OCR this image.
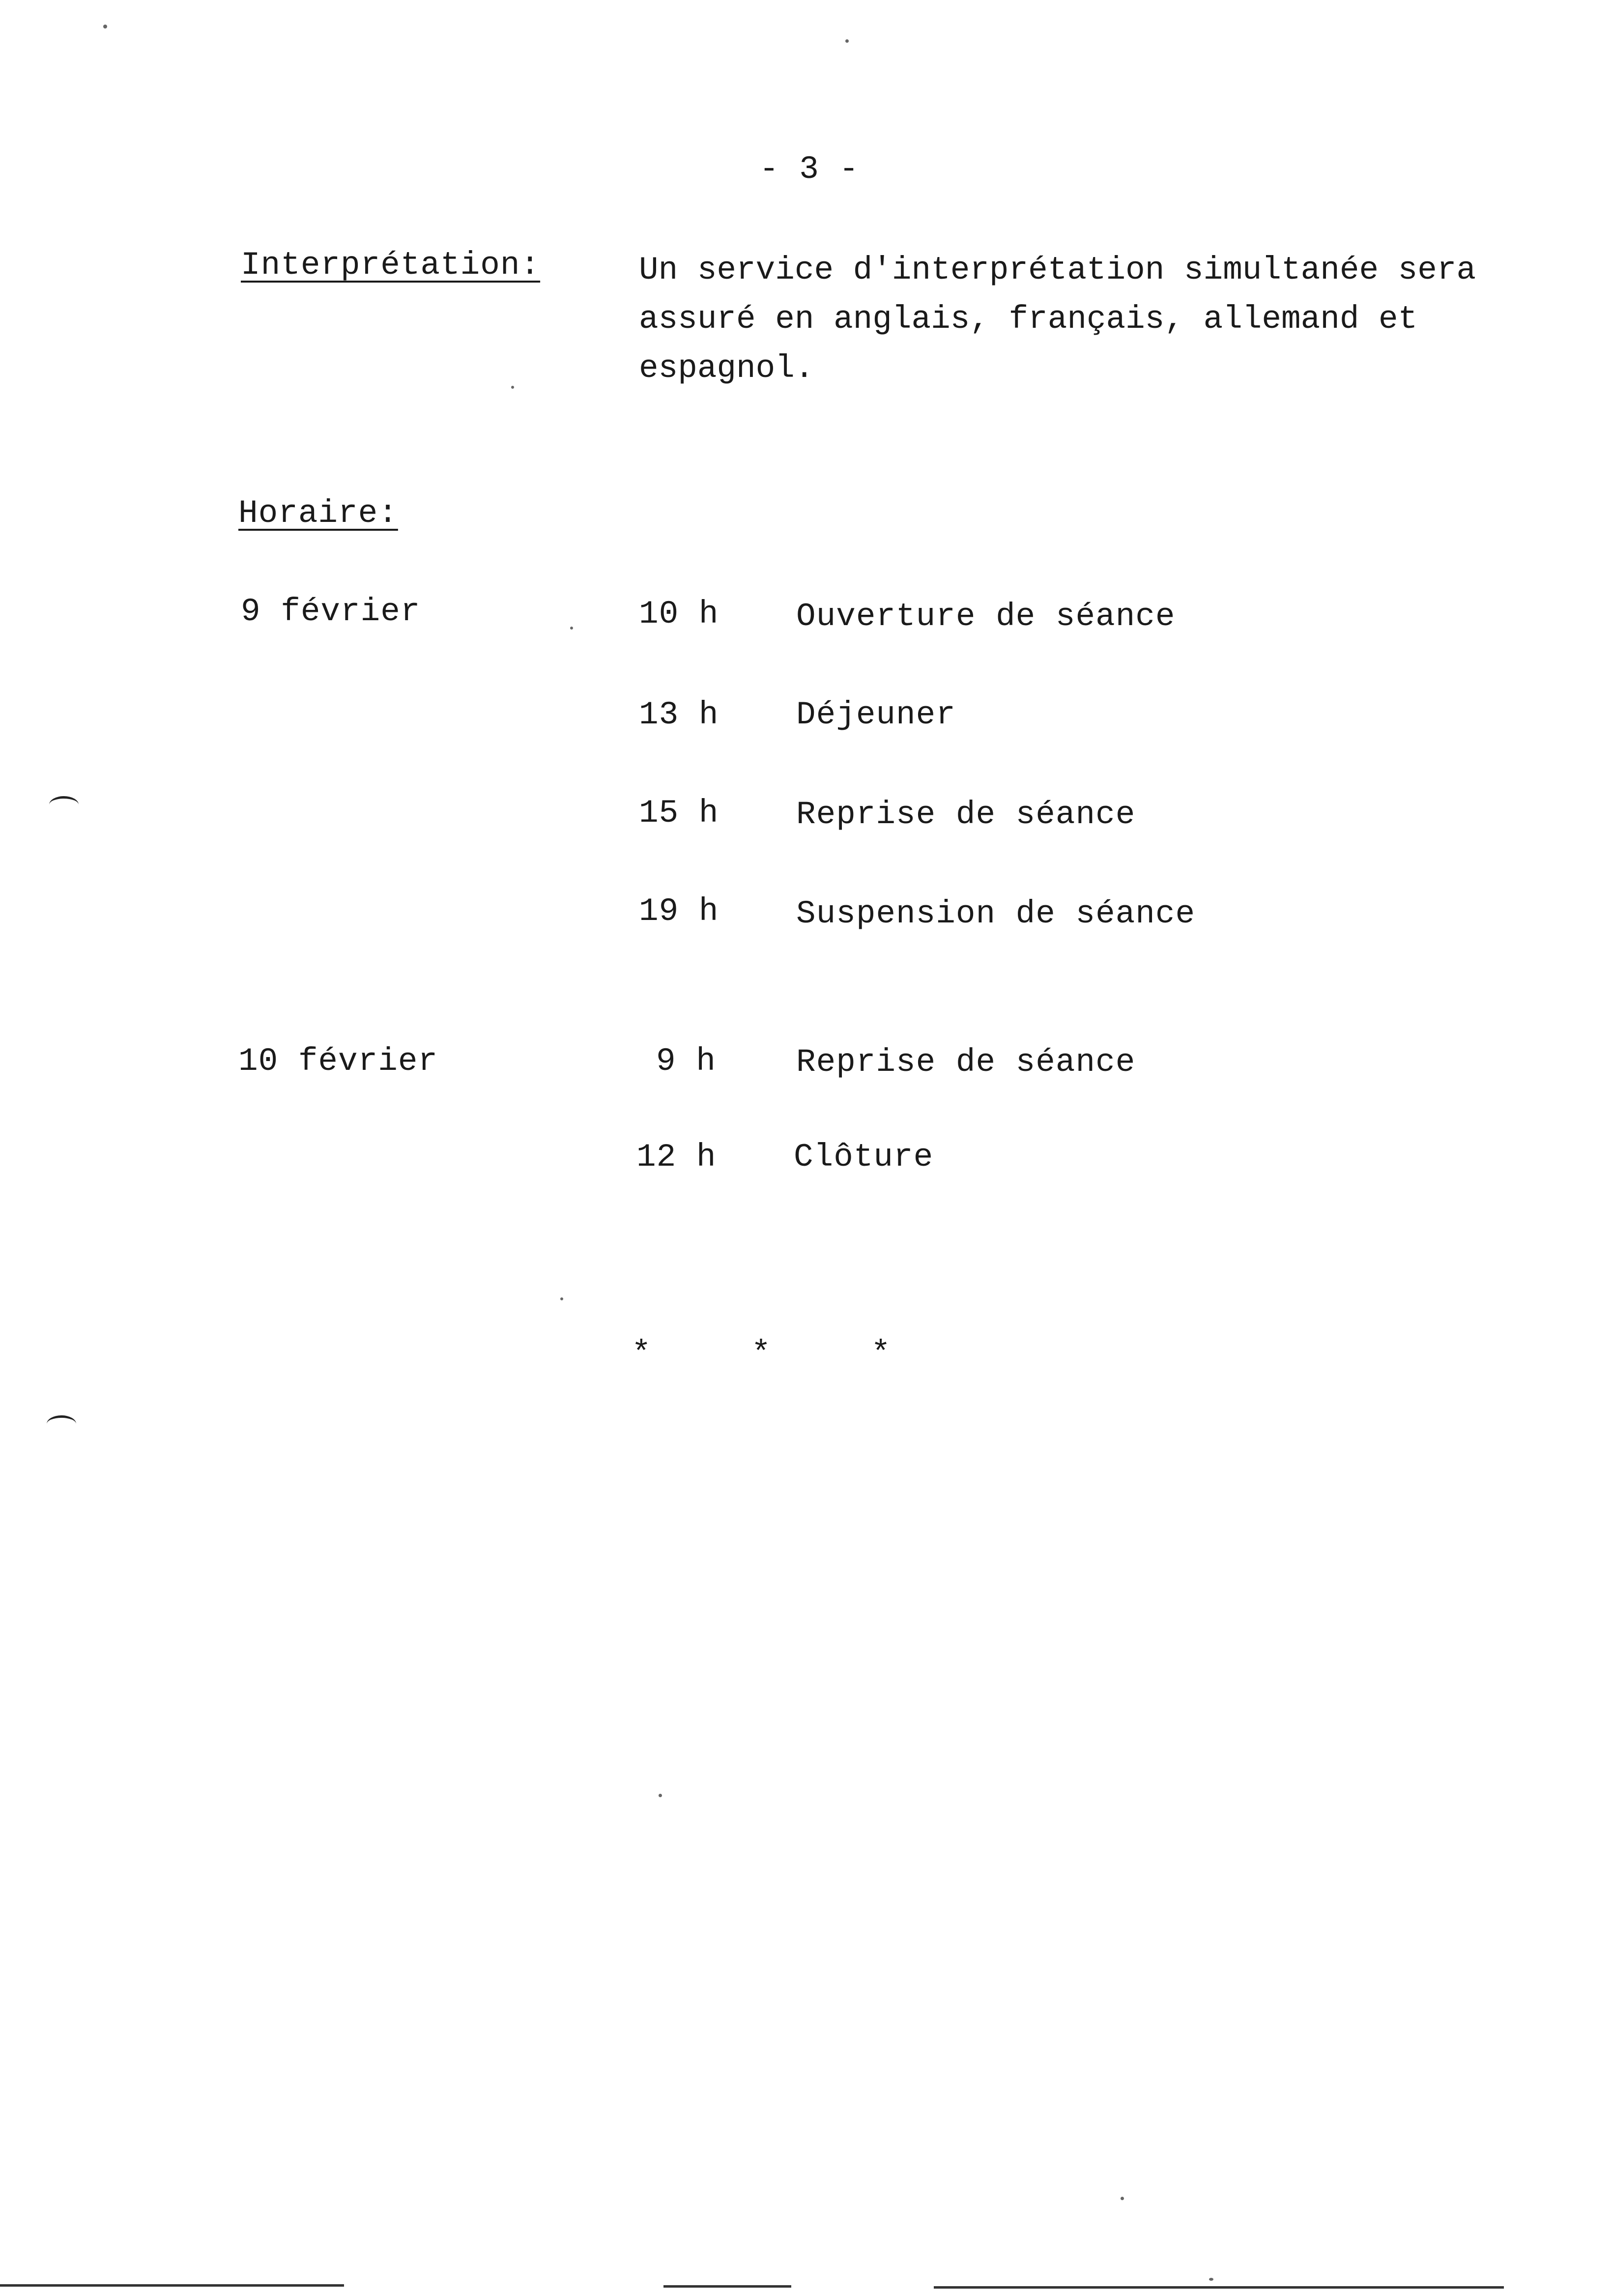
- 3 -
Interprétation:	Un service d'interprétation simultanée sera
assuré en anglais, français, allemand et
espagnol.
Horaire:
9 février	10 h Ouverture de séance
13 h Déjeuner
15 h Reprise de séance
19 h Suspension de séance
10 février	9 h Reprise de séance
12 h Clôture
*     *     *
